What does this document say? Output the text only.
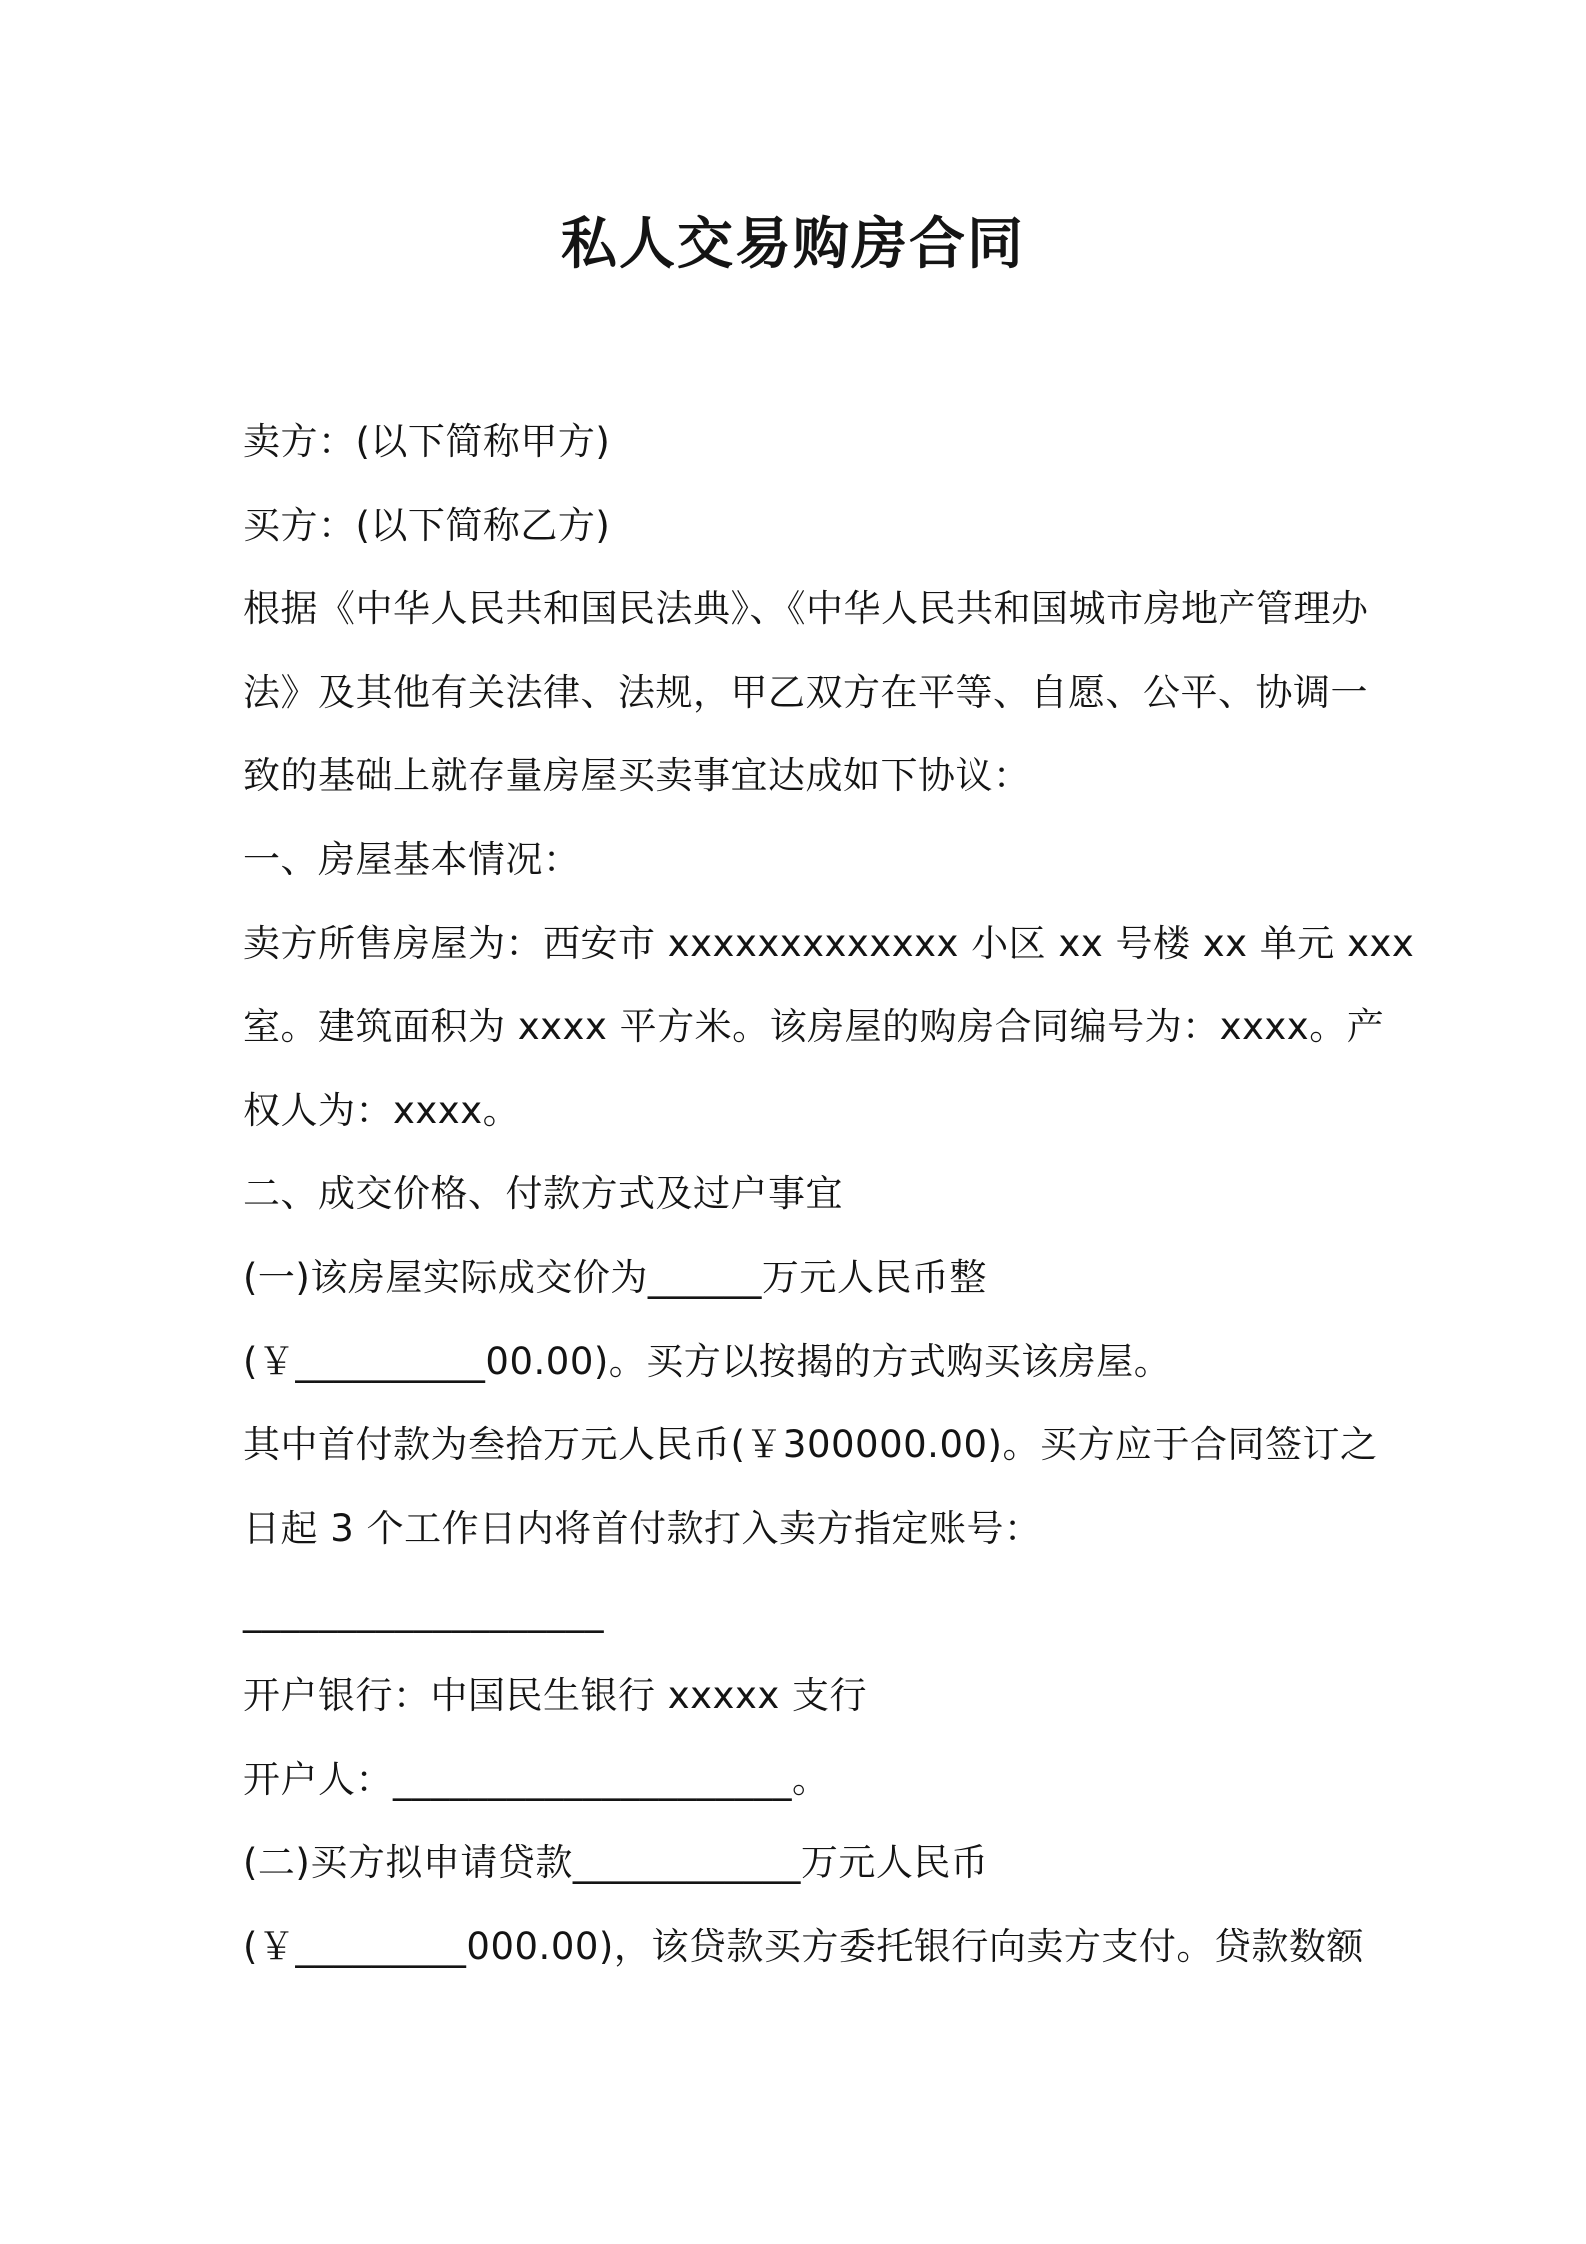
私人交易购房合同
卖方：(以下简称甲方)
买方：(以下简称乙方)
根据《中华人民共和国民法典》、《中华人民共和国城市房地产管理办
法》及其他有关法律、法规，甲乙双方在平等、自愿、公平、协调一
致的基础上就存量房屋买卖事宜达成如下协议：
一、房屋基本情况：
卖方所售房屋为：西安市 xxxxxxxxxxxxx 小区 xx 号楼 xx 单元 xxx
室。建筑面积为 xxxx 平方米。该房屋的购房合同编号为：xxxx。产
权人为：xxxx。
二、成交价格、付款方式及过户事宜
(一)该房屋实际成交价为______万元人民币整
(￥__________00.00)。买方以按揭的方式购买该房屋。
其中首付款为叁拾万元人民币(￥300000.00)。买方应于合同签订之
日起 3 个工作日内将首付款打入卖方指定账号：
___________________
开户银行：中国民生银行 xxxxx 支行
开户人：_____________________。
(二)买方拟申请贷款____________万元人民币
(￥_________000.00)，该贷款买方委托银行向卖方支付。贷款数额
